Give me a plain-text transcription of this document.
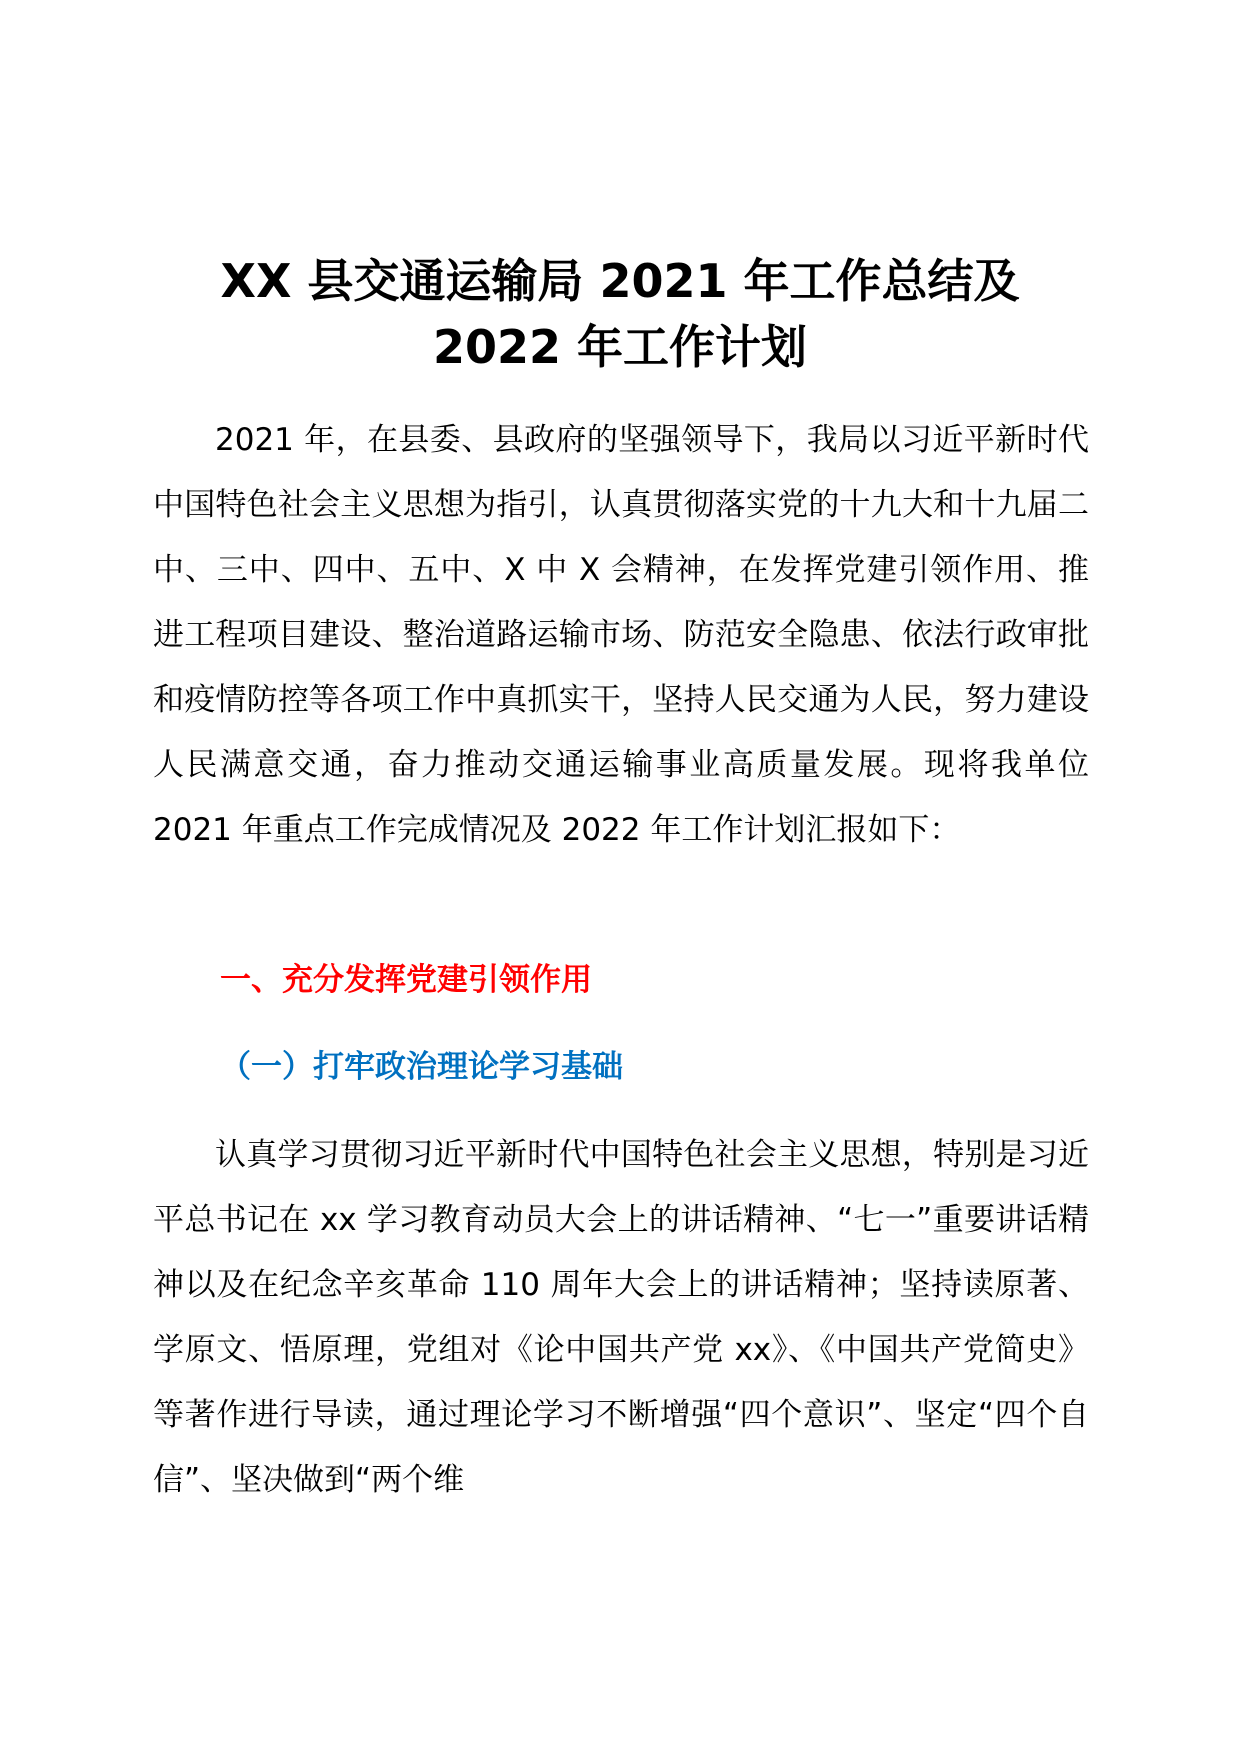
XX 县交通运输局 2021 年工作总结及 2022 年工作计划

2021 年，在县委、县政府的坚强领导下，我局以习近平新时代中国特色社会主义思想为指引，认真贯彻落实党的十九大和十九届二中、三中、四中、五中、X 中 X 会精神，在发挥党建引领作用、推进工程项目建设、整治道路运输市场、防范安全隐患、依法行政审批和疫情防控等各项工作中真抓实干，坚持人民交通为人民，努力建设人民满意交通，奋力推动交通运输事业高质量发展。现将我单位 2021 年重点工作完成情况及 2022 年工作计划汇报如下：

一、充分发挥党建引领作用
（一）打牢政治理论学习基础

认真学习贯彻习近平新时代中国特色社会主义思想，特别是习近平总书记在 xx 学习教育动员大会上的讲话精神、“七一”重要讲话精神以及在纪念辛亥革命 110 周年大会上的讲话精神；坚持读原著、学原文、悟原理，党组对《论中国共产党 xx》、《中国共产党简史》等著作进行导读，通过理论学习不断增强“四个意识”、坚定“四个自信”、坚决做到“两个维
